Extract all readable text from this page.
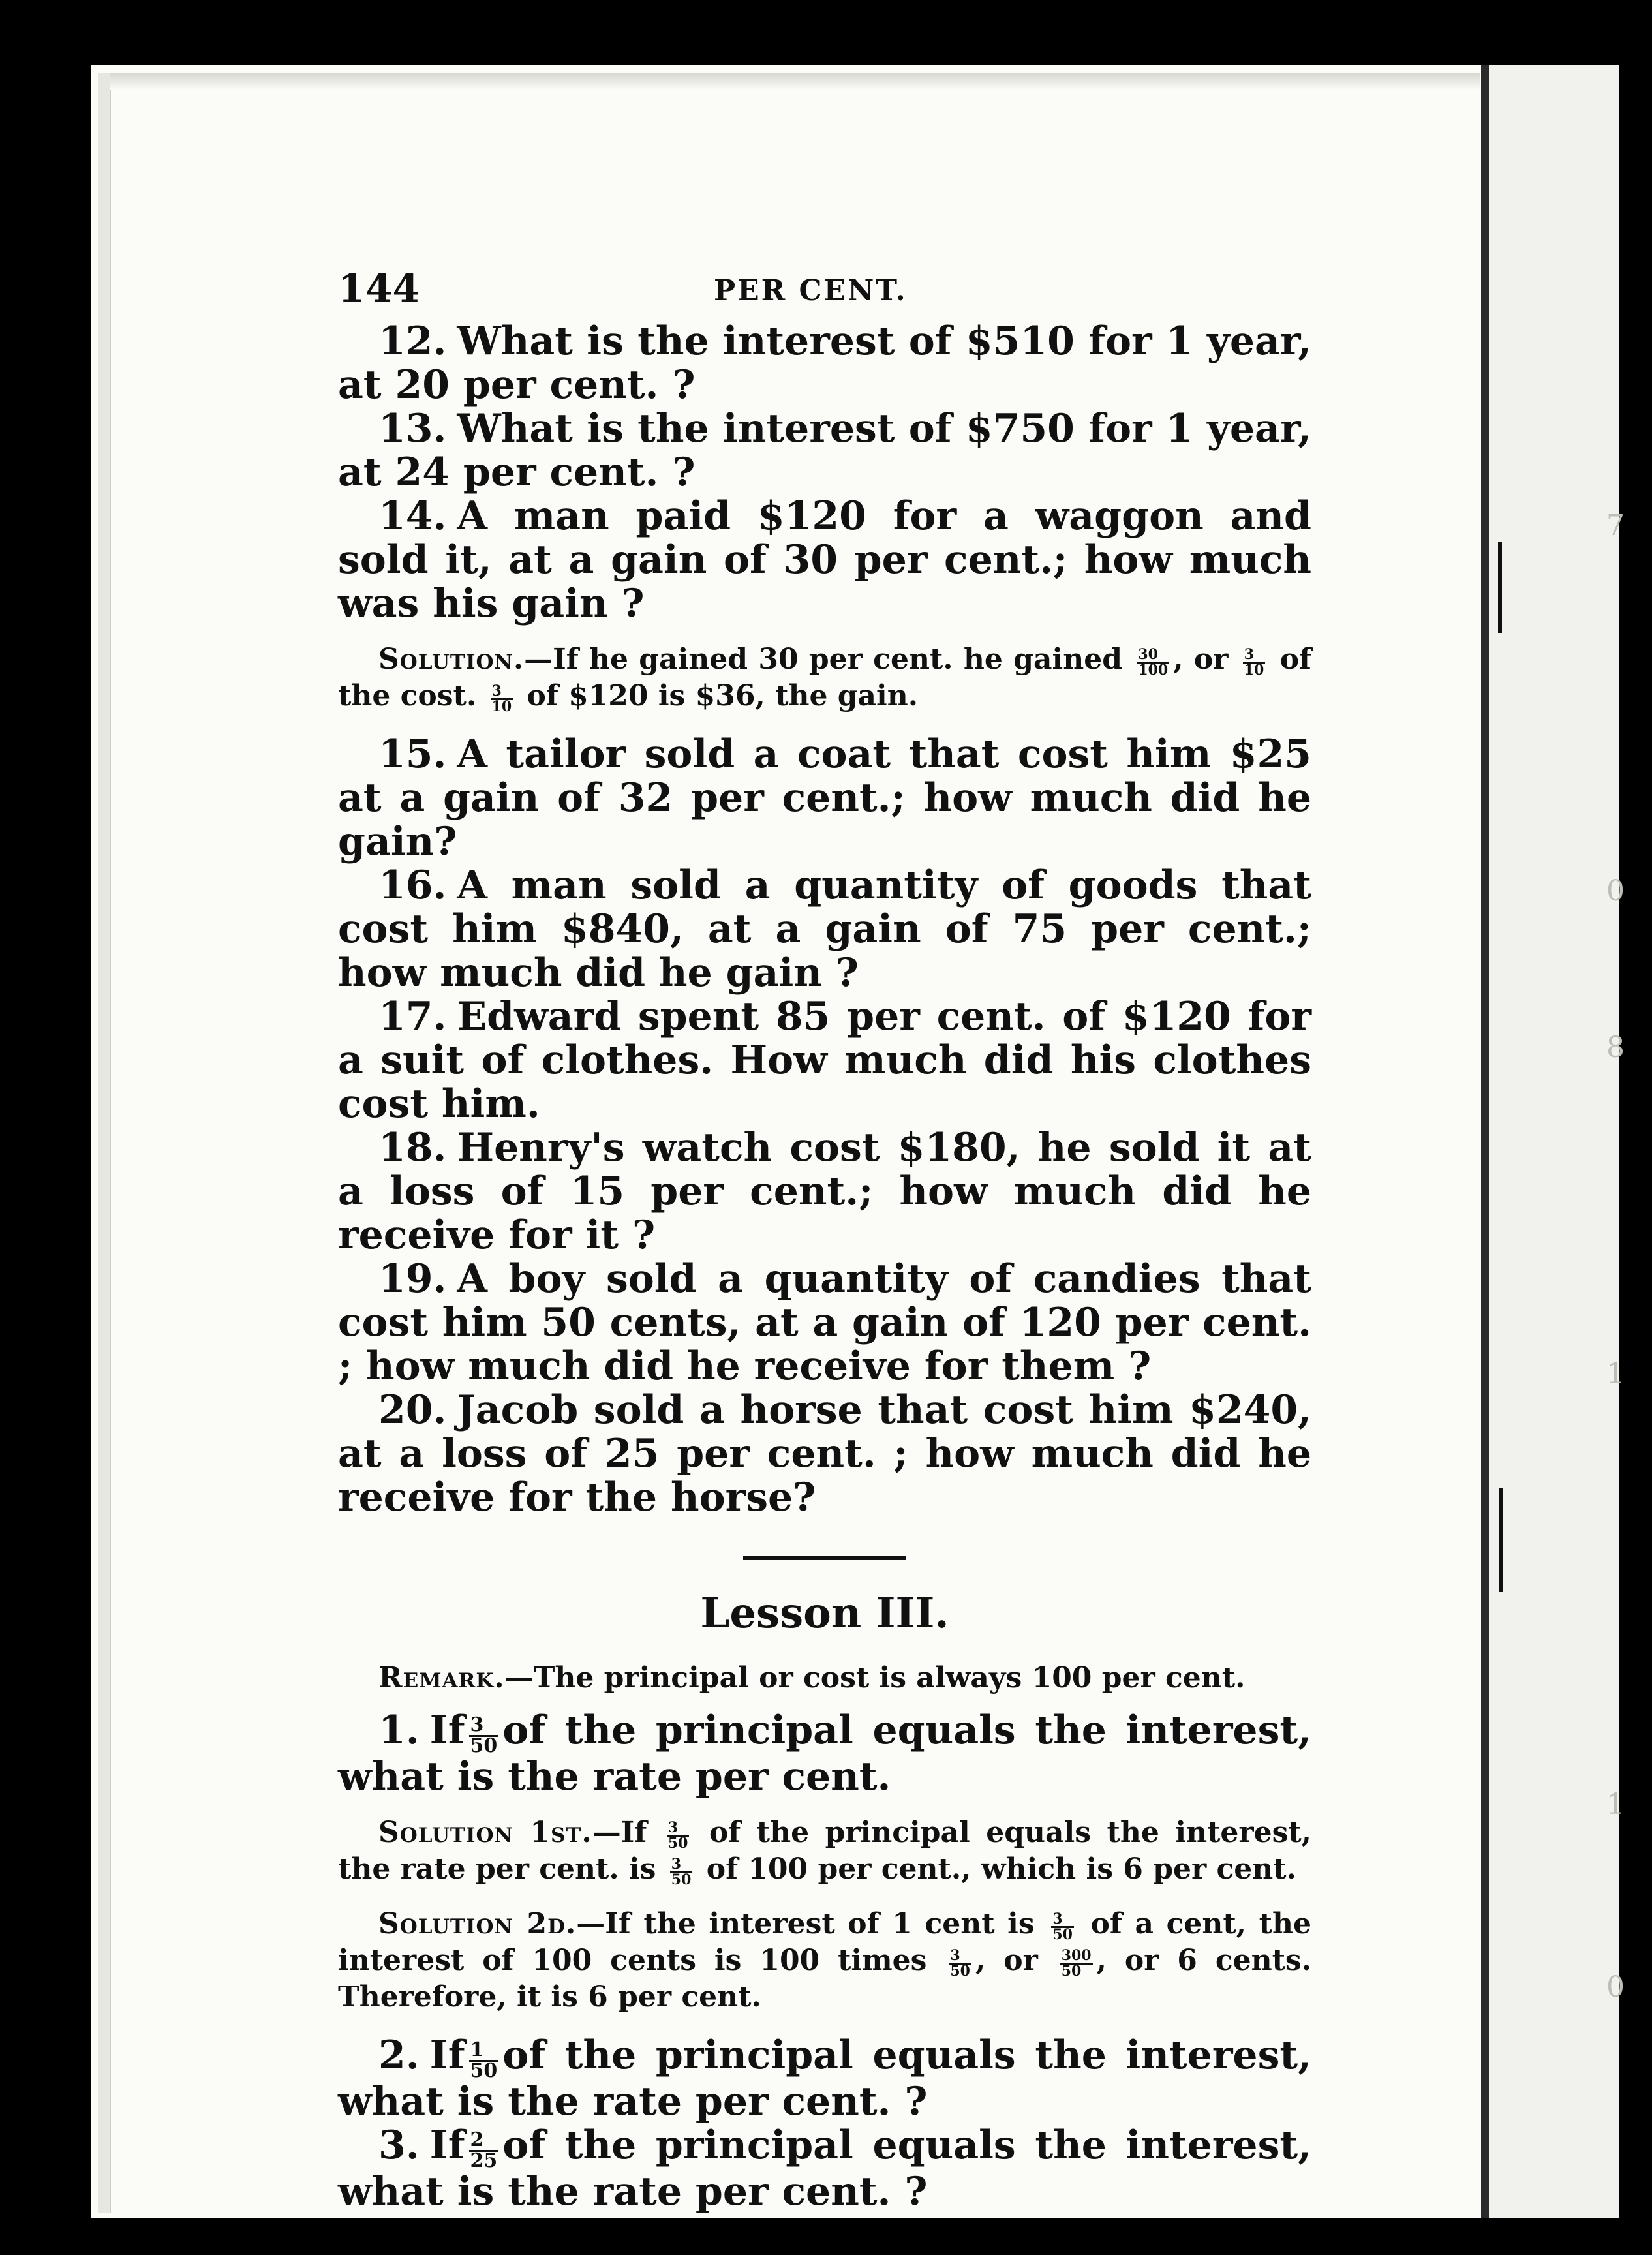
7
8
0
1
1
0
144	PER CENT.

12. What is the interest of $510 for 1 year, at 20 per cent. ?

13. What is the interest of $750 for 1 year, at 24 per cent. ?

14. A man paid $120 for a waggon and sold it, at a gain of 30 per cent.; how much was his gain ?

Solution.—If he gained 30 per cent. he gained $\frac{30}{100}$ , or $\frac{3}{10}$ of the cost. $\frac{3}{10}$ of $120 is $36, the gain.

15. A tailor sold a coat that cost him $25 at a gain of 32 per cent.; how much did he gain?

16. A man sold a quantity of goods that cost him $840, at a gain of 75 per cent.; how much did he gain ?

17. Edward spent 85 per cent. of $120 for a suit of clothes. How much did his clothes cost him.

18. Henry's watch cost $180, he sold it at a loss of 15 per cent.; how much did he receive for it ?

19. A boy sold a quantity of candies that cost him 50 cents, at a gain of 120 per cent. ; how much did he receive for them ?

20. Jacob sold a horse that cost him $240, at a loss of 25 per cent. ; how much did he receive for the horse?

Lesson III.

Remark.—The principal or cost is always 100 per cent.

1. If $\frac{3}{50}$ of the principal equals the interest, what is the rate per cent.

Solution 1st.—If $\frac{3}{50}$ of the principal equals the interest, the rate per cent. is $\frac{3}{50}$ of 100 per cent., which is 6 per cent.

Solution 2d.—If the interest of 1 cent is $\frac{3}{50}$ of a cent, the interest of 100 cents is 100 times $\frac{3}{50}$ , or $\frac{300}{50}$ , or 6 cents. Therefore, it is 6 per cent.

2. If $\frac{1}{50}$ of the principal equals the interest, what is the rate per cent. ?

3. If $\frac{2}{25}$ of the principal equals the interest, what is the rate per cent. ?
